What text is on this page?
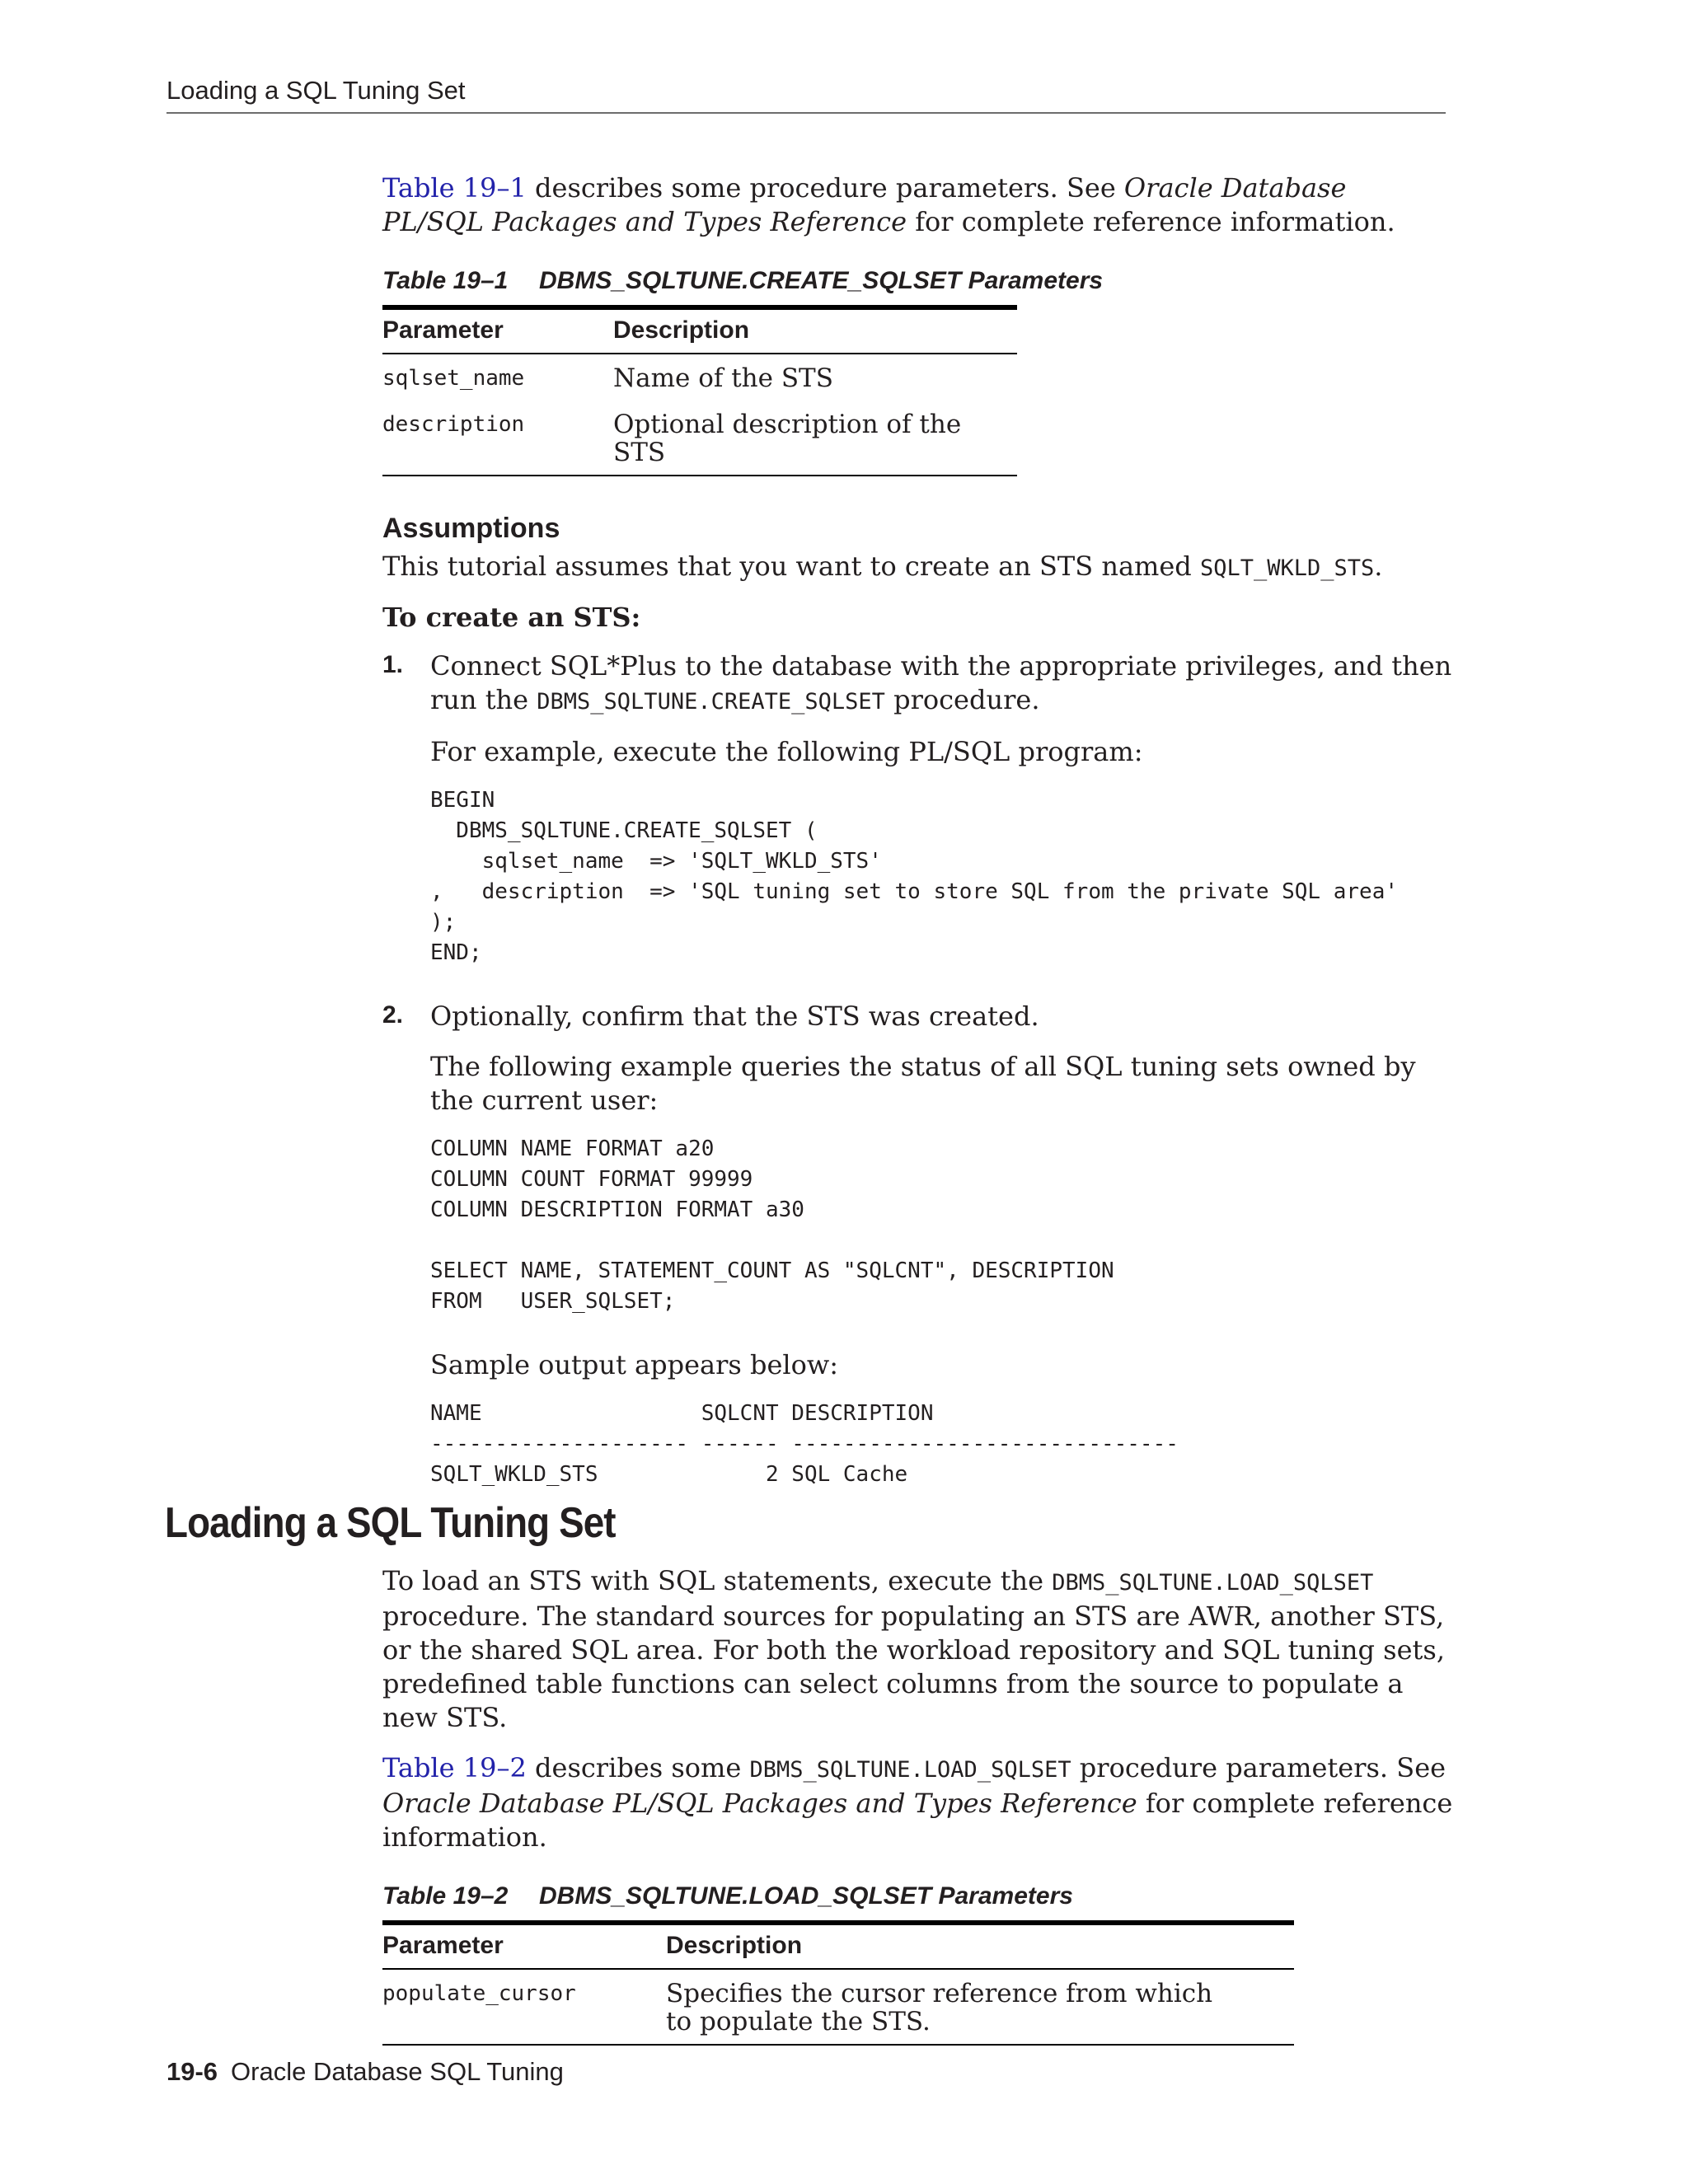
Loading a SQL Tuning Set

Table 19–1 describes some procedure parameters. See Oracle Database PL/SQL Packages and Types Reference for complete reference information.

Table 19–1 DBMS_SQLTUNE.CREATE_SQLSET Parameters
Parameter	Description
sqlset_name	Name of the STS
description	Optional description of the STS
Assumptions

This tutorial assumes that you want to create an STS named SQLT_WKLD_STS.

To create an STS:
1. Connect SQL*Plus to the database with the appropriate privileges, and then run the DBMS_SQLTUNE.CREATE_SQLSET procedure.

For example, execute the following PL/SQL program:

BEGIN
DBMS_SQLTUNE.CREATE_SQLSET (
sqlset_name  => 'SQLT_WKLD_STS'
,   description  => 'SQL tuning set to store SQL from the private SQL area'
);
END;
2. Optionally, confirm that the STS was created.

The following example queries the status of all SQL tuning sets owned by the current user:

COLUMN NAME FORMAT a20
COLUMN COUNT FORMAT 99999
COLUMN DESCRIPTION FORMAT a30

SELECT NAME, STATEMENT_COUNT AS "SQLCNT", DESCRIPTION
FROM   USER_SQLSET;

Sample output appears below:

NAME                 SQLCNT DESCRIPTION
-------------------- ------ ------------------------------
SQLT_WKLD_STS             2 SQL Cache
Loading a SQL Tuning Set

To load an STS with SQL statements, execute the DBMS_SQLTUNE.LOAD_SQLSET procedure. The standard sources for populating an STS are AWR, another STS, or the shared SQL area. For both the workload repository and SQL tuning sets, predefined table functions can select columns from the source to populate a new STS.

Table 19–2 describes some DBMS_SQLTUNE.LOAD_SQLSET procedure parameters. See Oracle Database PL/SQL Packages and Types Reference for complete reference information.

Table 19–2 DBMS_SQLTUNE.LOAD_SQLSET Parameters
Parameter	Description
populate_cursor	Specifies the cursor reference from which to populate the STS.
19-6 Oracle Database SQL Tuning
